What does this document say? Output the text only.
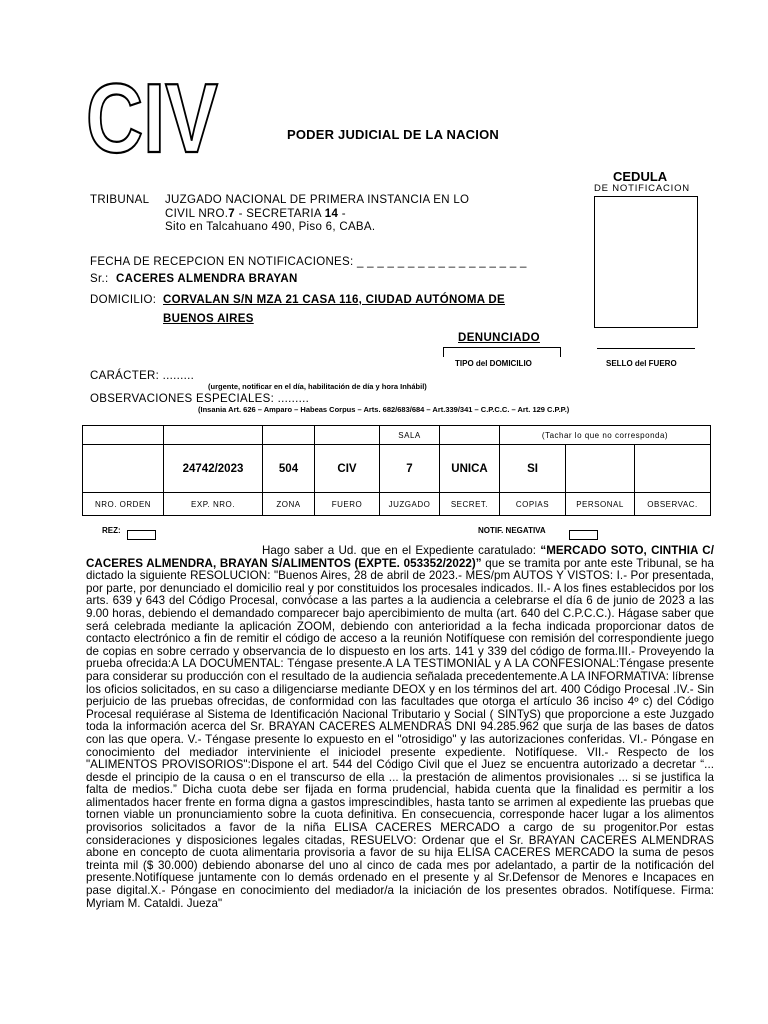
CIV	PODER JUDICIAL DE LA NACION
CEDULA
DE NOTIFICACION
SELLO del FUERO
TRIBUNAL JUZGADO NACIONAL DE PRIMERA INSTANCIA EN LO
CIVIL NRO.7 - SECRETARIA 14 -
Sito en Talcahuano 490, Piso 6, CABA.
FECHA DE RECEPCION EN NOTIFICACIONES: _ _ _ _ _ _ _ _ _ _ _ _ _ _ _ _ _
Sr.: CACERES ALMENDRA BRAYAN
DOMICILIO: CORVALAN S/N MZA 21 CASA 116, CIUDAD AUTÓNOMA DE
BUENOS AIRES
DENUNCIADO
TIPO del DOMICILIO
CARÁCTER: .........
(urgente, notificar en el día, habilitación de día y hora Inhábil)
OBSERVACIONES ESPECIALES: .........
(Insania Art. 626 – Amparo – Habeas Corpus – Arts. 682/683/684 – Art.339/341 – C.P.C.C. – Art. 129 C.P.P.)
				SALA		(Tachar lo que no corresponda)		
	24742/2023	504	CIV	7	UNICA	SI		
NRO. ORDEN	EXP. NRO.	ZONA	FUERO	JUZGADO	SECRET.	COPIAS	PERSONAL	OBSERVAC.
REZ:	NOTIF. NEGATIVA
Hago saber a Ud. que en el Expediente caratulado: “MERCADO SOTO, CINTHIA C/ CACERES ALMENDRA, BRAYAN S/ALIMENTOS (EXPTE. 053352/2022)” que se tramita por ante este Tribunal, se ha dictado la siguiente RESOLUCION: "Buenos Aires, 28 de abril de 2023.- MES/pm AUTOS Y VISTOS: I.- Por presentada, por parte, por denunciado el domicilio real y por constituidos los procesales indicados. II.- A los fines establecidos por los arts. 639 y 643 del Código Procesal, convócase a las partes a la audiencia a celebrarse el día 6 de junio de 2023 a las 9.00 horas, debiendo el demandado comparecer bajo apercibimiento de multa (art. 640 del C.P.C.C.). Hágase saber que será celebrada mediante la aplicación ZOOM, debiendo con anterioridad a la fecha indicada proporcionar datos de contacto electrónico a fin de remitir el código de acceso a la reunión Notifíquese con remisión del correspondiente juego de copias en sobre cerrado y observancia de lo dispuesto en los arts. 141 y 339 del código de forma.III.- Proveyendo la prueba ofrecida:A LA DOCUMENTAL: Téngase presente.A LA TESTIMONIAL y A LA CONFESIONAL:Téngase presente para considerar su producción con el resultado de la audiencia señalada precedentemente.A LA INFORMATIVA: líbrense los oficios solicitados, en su caso a diligenciarse mediante DEOX y en los términos del art. 400 Código Procesal .IV.- Sin perjuicio de las pruebas ofrecidas, de conformidad con las facultades que otorga el artículo 36 inciso 4º c) del Código Procesal requiérase al Sistema de Identificación Nacional Tributario y Social ( SINTyS) que proporcione a este Juzgado toda la información acerca del Sr. BRAYAN CACERES ALMENDRAS DNI 94.285.962 que surja de las bases de datos con las que opera. V.- Téngase presente lo expuesto en el "otrosidigo" y las autorizaciones conferidas. VI.- Póngase en conocimiento del mediador interviniente el iniciodel presente expediente. Notifíquese. VII.- Respecto de los "ALIMENTOS PROVISORIOS":Dispone el art. 544 del Código Civil que el Juez se encuentra autorizado a decretar “... desde el principio de la causa o en el transcurso de ella ... la prestación de alimentos provisionales ... si se justifica la falta de medios.” Dicha cuota debe ser fijada en forma prudencial, habida cuenta que la finalidad es permitir a los alimentados hacer frente en forma digna a gastos imprescindibles, hasta tanto se arrimen al expediente las pruebas que tornen viable un pronunciamiento sobre la cuota definitiva. En consecuencia, corresponde hacer lugar a los alimentos provisorios solicitados a favor de la niña ELISA CACERES MERCADO a cargo de su progenitor.Por estas consideraciones y disposiciones legales citadas, RESUELVO: Ordenar que el Sr. BRAYAN CACERES ALMENDRAS abone en concepto de cuota alimentaria provisoria a favor de su hija ELISA CACERES MERCADO la suma de pesos treinta mil ($ 30.000) debiendo abonarse del uno al cinco de cada mes por adelantado, a partir de la notificación del presente.Notifíquese juntamente con lo demás ordenado en el presente y al Sr.Defensor de Menores e Incapaces en pase digital.X.- Póngase en conocimiento del mediador/a la iniciación de los presentes obrados. Notifíquese. Firma: Myriam M. Cataldi. Jueza"
